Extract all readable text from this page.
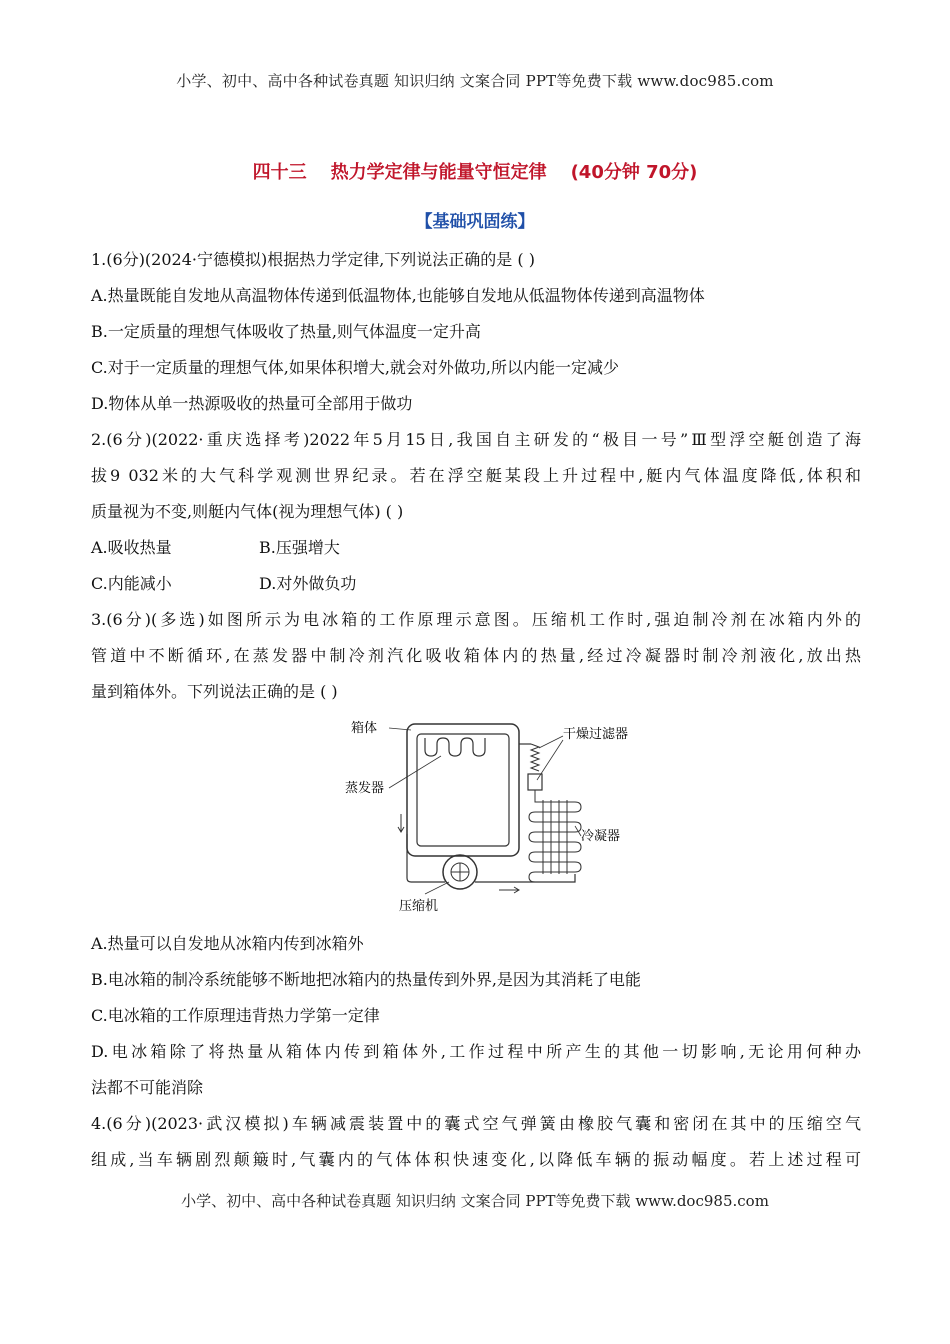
小学、初中、高中各种试卷真题 知识归纳 文案合同 PPT等免费下载 www.doc985.com
四十三 热力学定律与能量守恒定律 (40分钟 70分)
【基础巩固练】
1.(6分)(2024·宁德模拟)根据热力学定律,下列说法正确的是 ( )
A.热量既能自发地从高温物体传递到低温物体,也能够自发地从低温物体传递到高温物体
B.一定质量的理想气体吸收了热量,则气体温度一定升高
C.对于一定质量的理想气体,如果体积增大,就会对外做功,所以内能一定减少
D.物体从单一热源吸收的热量可全部用于做功
2.(6分)(2022·重庆选择考)2022年5月15日,我国自主研发的“极目一号”Ⅲ型浮空艇创造了海
拔9 032米的大气科学观测世界纪录。若在浮空艇某段上升过程中,艇内气体温度降低,体积和
质量视为不变,则艇内气体(视为理想气体) ( )
A.吸收热量	B.压强增大
C.内能减小	D.对外做负功
3.(6分)(多选)如图所示为电冰箱的工作原理示意图。压缩机工作时,强迫制冷剂在冰箱内外的
管道中不断循环,在蒸发器中制冷剂汽化吸收箱体内的热量,经过冷凝器时制冷剂液化,放出热
量到箱体外。下列说法正确的是 ( )
箱体	干燥过滤器
蒸发器
冷凝器
压缩机
A.热量可以自发地从冰箱内传到冰箱外
B.电冰箱的制冷系统能够不断地把冰箱内的热量传到外界,是因为其消耗了电能
C.电冰箱的工作原理违背热力学第一定律
D.电冰箱除了将热量从箱体内传到箱体外,工作过程中所产生的其他一切影响,无论用何种办
法都不可能消除
4.(6分)(2023·武汉模拟)车辆减震装置中的囊式空气弹簧由橡胶气囊和密闭在其中的压缩空气
组成,当车辆剧烈颠簸时,气囊内的气体体积快速变化,以降低车辆的振动幅度。若上述过程可
小学、初中、高中各种试卷真题 知识归纳 文案合同 PPT等免费下载 www.doc985.com
